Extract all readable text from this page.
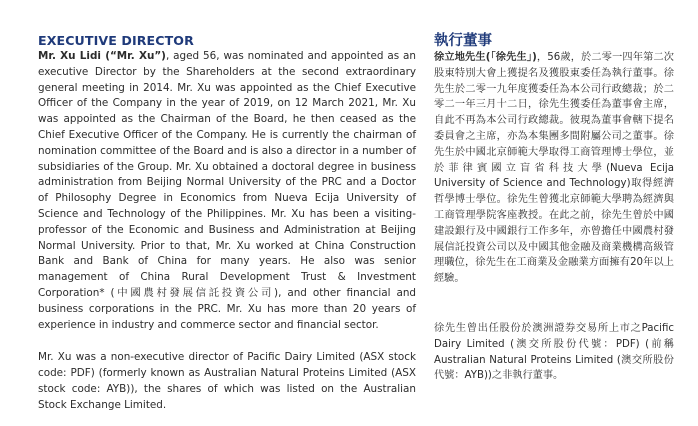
EXECUTIVE DIRECTOR

Mr. Xu Lidi (“Mr. Xu”), aged 56, was nominated and appointed as an executive Director by the Shareholders at the second extraordinary general meeting in 2014. Mr. Xu was appointed as the Chief Executive Officer of the Company in the year of 2019, on 12 March 2021, Mr. Xu was appointed as the Chairman of the Board, he then ceased as the Chief Executive Officer of the Company. He is currently the chairman of nomination committee of the Board and is also a director in a number of subsidiaries of the Group. Mr. Xu obtained a doctoral degree in business administration from Beijing Normal University of the PRC and a Doctor of Philosophy Degree in Economics from Nueva Ecija University of Science and Technology of the Philippines. Mr. Xu has been a visiting-professor of the Economic and Business and Administration at Beijing Normal University. Prior to that, Mr. Xu worked at China Construction Bank and Bank of China for many years. He also was senior management of China Rural Development Trust & Investment Corporation* (中國農村發展信託投資公司), and other financial and business corporations in the PRC. Mr. Xu has more than 20 years of experience in industry and commerce sector and financial sector.

Mr. Xu was a non-executive director of Pacific Dairy Limited (ASX stock code: PDF) (formerly known as Australian Natural Proteins Limited (ASX stock code: AYB)), the shares of which was listed on the Australian Stock Exchange Limited.

執行董事

徐立地先生(「徐先生」)，56歲，於二零一四年第二次股東特別大會上獲提名及獲股東委任為執行董事。徐先生於二零一九年度獲委任為本公司行政總裁；於二零二一年三月十二日，徐先生獲委任為董事會主席，自此不再為本公司行政總裁。彼現為董事會轄下提名委員會之主席，亦為本集團多間附屬公司之董事。徐先生於中國北京師範大學取得工商管理博士學位，並於菲律賓國立盲省科技大學(Nueva Ecija University of Science and Technology)取得經濟哲學博士學位。徐先生曾獲北京師範大學聘為經濟與工商管理學院客座教授。在此之前，徐先生曾於中國建設銀行及中國銀行工作多年，亦曾擔任中國農村發展信託投資公司以及中國其他金融及商業機構高級管理職位，徐先生在工商業及金融業方面擁有20年以上經驗。

徐先生曾出任股份於澳洲證券交易所上市之Pacific Dairy Limited (澳交所股份代號：PDF) (前稱Australian Natural Proteins Limited (澳交所股份代號：AYB))之非執行董事。
